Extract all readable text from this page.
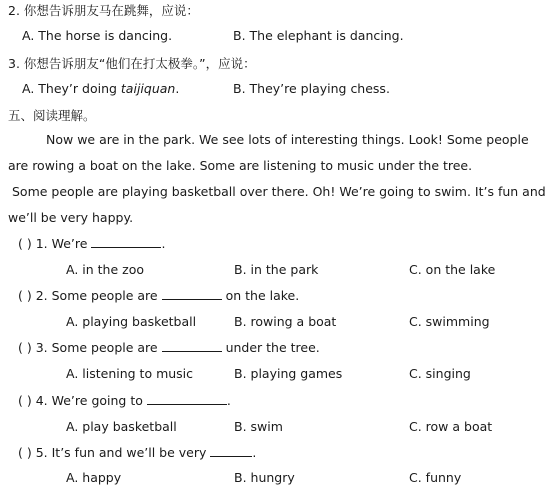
2. 你想告诉朋友马在跳舞，应说：
A. The horse is dancing.	B. The elephant is dancing.
3. 你想告诉朋友“他们在打太极拳。”，应说：
A. They’r doing taijiquan.	B. They’re playing chess.
五、阅读理解。
Now we are in the park. We see lots of interesting things. Look! Some people
are rowing a boat on the lake. Some are listening to music under the tree.
Some people are playing basketball over there. Oh! We’re going to swim. It’s fun and
we’ll be very happy.
( ) 1. We’re	.
A. in the zoo	B. in the park	C. on the lake
( ) 2. Some people are	on the lake.
A. playing basketball	B. rowing a boat	C. swimming
( ) 3. Some people are	under the tree.
A. listening to music	B. playing games	C. singing
( ) 4. We’re going to	.
A. play basketball	B. swim	C. row a boat
( ) 5. It’s fun and we’ll be very	.
A. happy	B. hungry	C. funny
